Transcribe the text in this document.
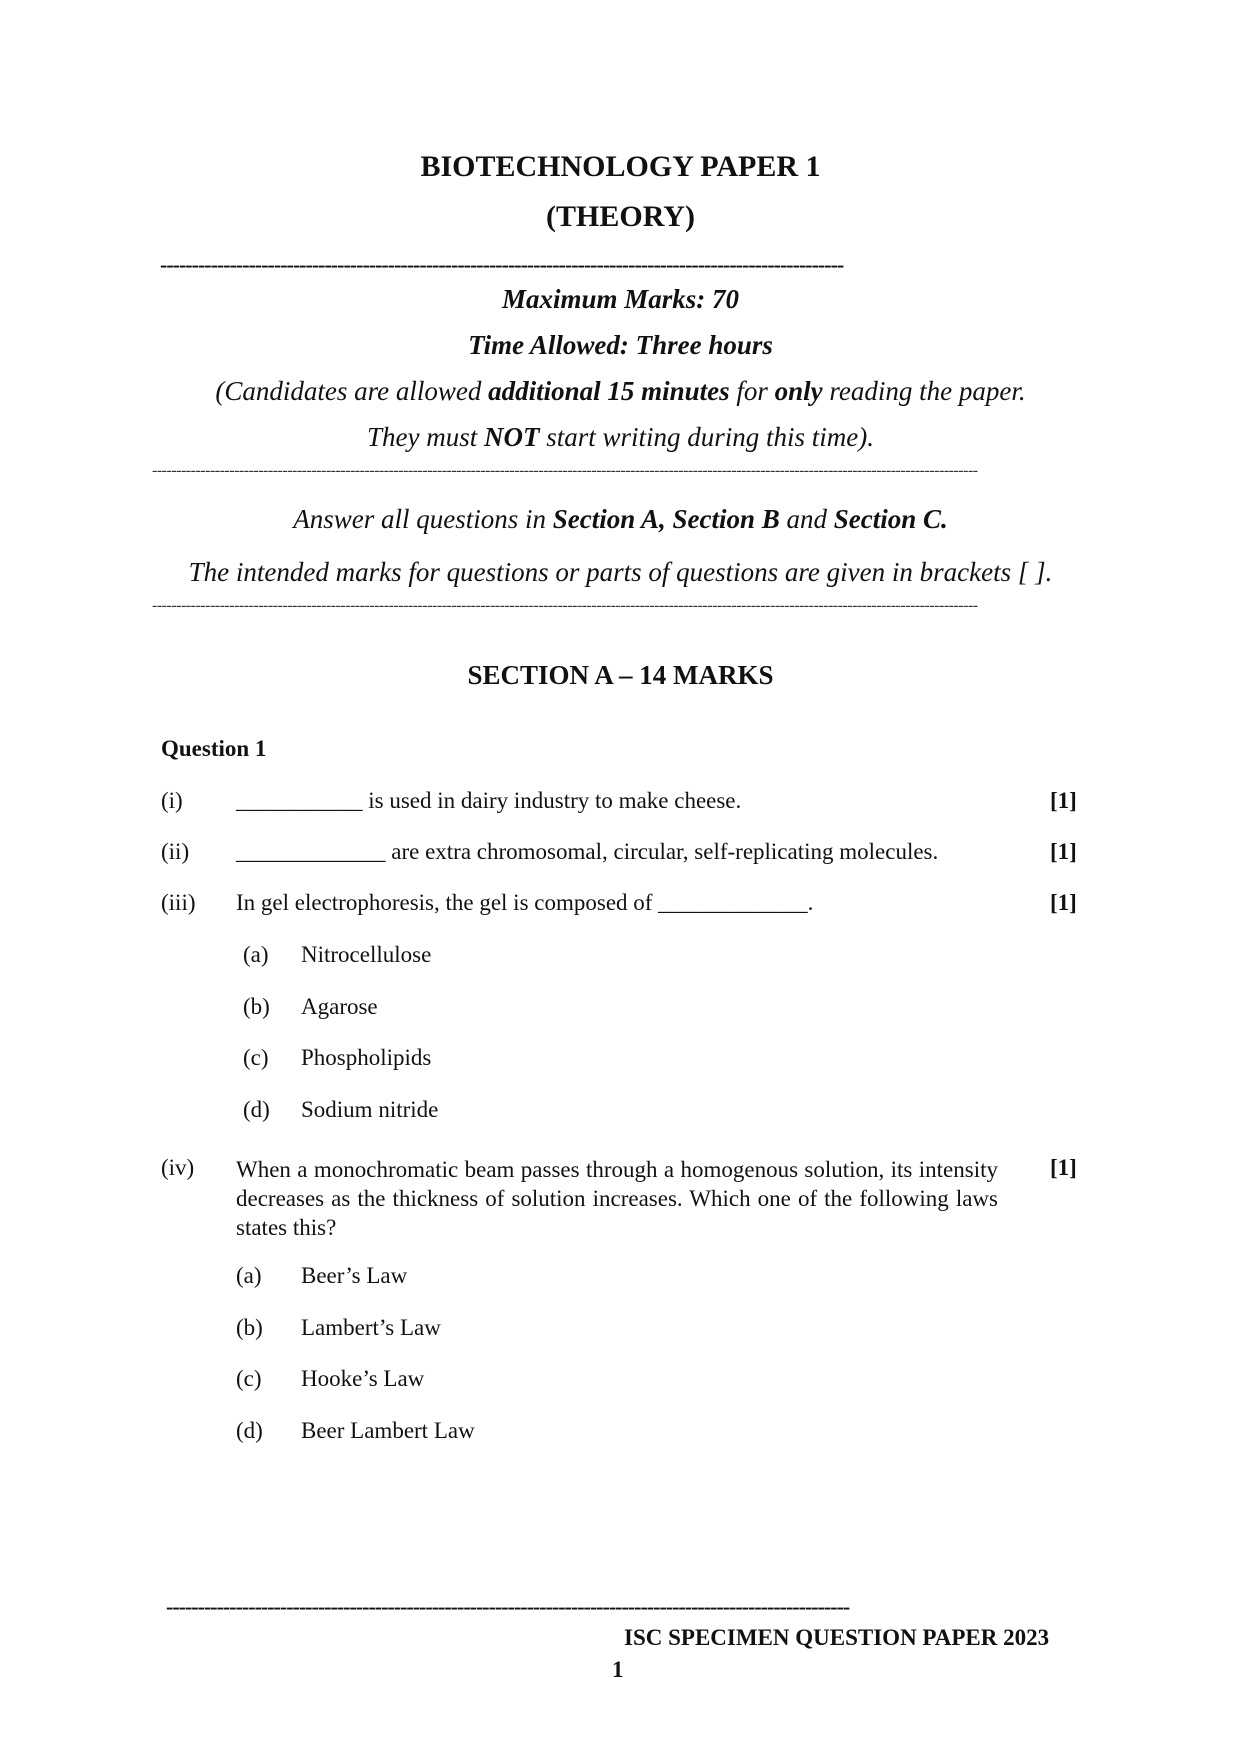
BIOTECHNOLOGY PAPER 1
(THEORY)
------------------------------------------------------------------------------------------------------------
Maximum Marks: 70
Time Allowed: Three hours
(Candidates are allowed additional 15 minutes for only reading the paper.
They must NOT start writing during this time).
---------------------------------------------------------------------------------------------------------------------------------------------------------------------------
Answer all questions in Section A, Section B and Section C.
The intended marks for questions or parts of questions are given in brackets [ ].
---------------------------------------------------------------------------------------------------------------------------------------------------------------------------
SECTION A – 14 MARKS
Question 1
(i) ___________ is used in dairy industry to make cheese.	[1]
(ii) _____________ are extra chromosomal, circular, self-replicating molecules.	[1]
(iii) In gel electrophoresis, the gel is composed of _____________.	[1]
(a) Nitrocellulose
(b) Agarose
(c) Phospholipids
(d) Sodium nitride
(iv) When a monochromatic beam passes through a homogenous solution, its intensity decreases as the thickness of solution increases. Which one of the following laws states this?
[1]
(a) Beer’s Law
(b) Lambert’s Law
(c) Hooke’s Law
(d) Beer Lambert Law
------------------------------------------------------------------------------------------------------------
ISC SPECIMEN QUESTION PAPER 2023
1
